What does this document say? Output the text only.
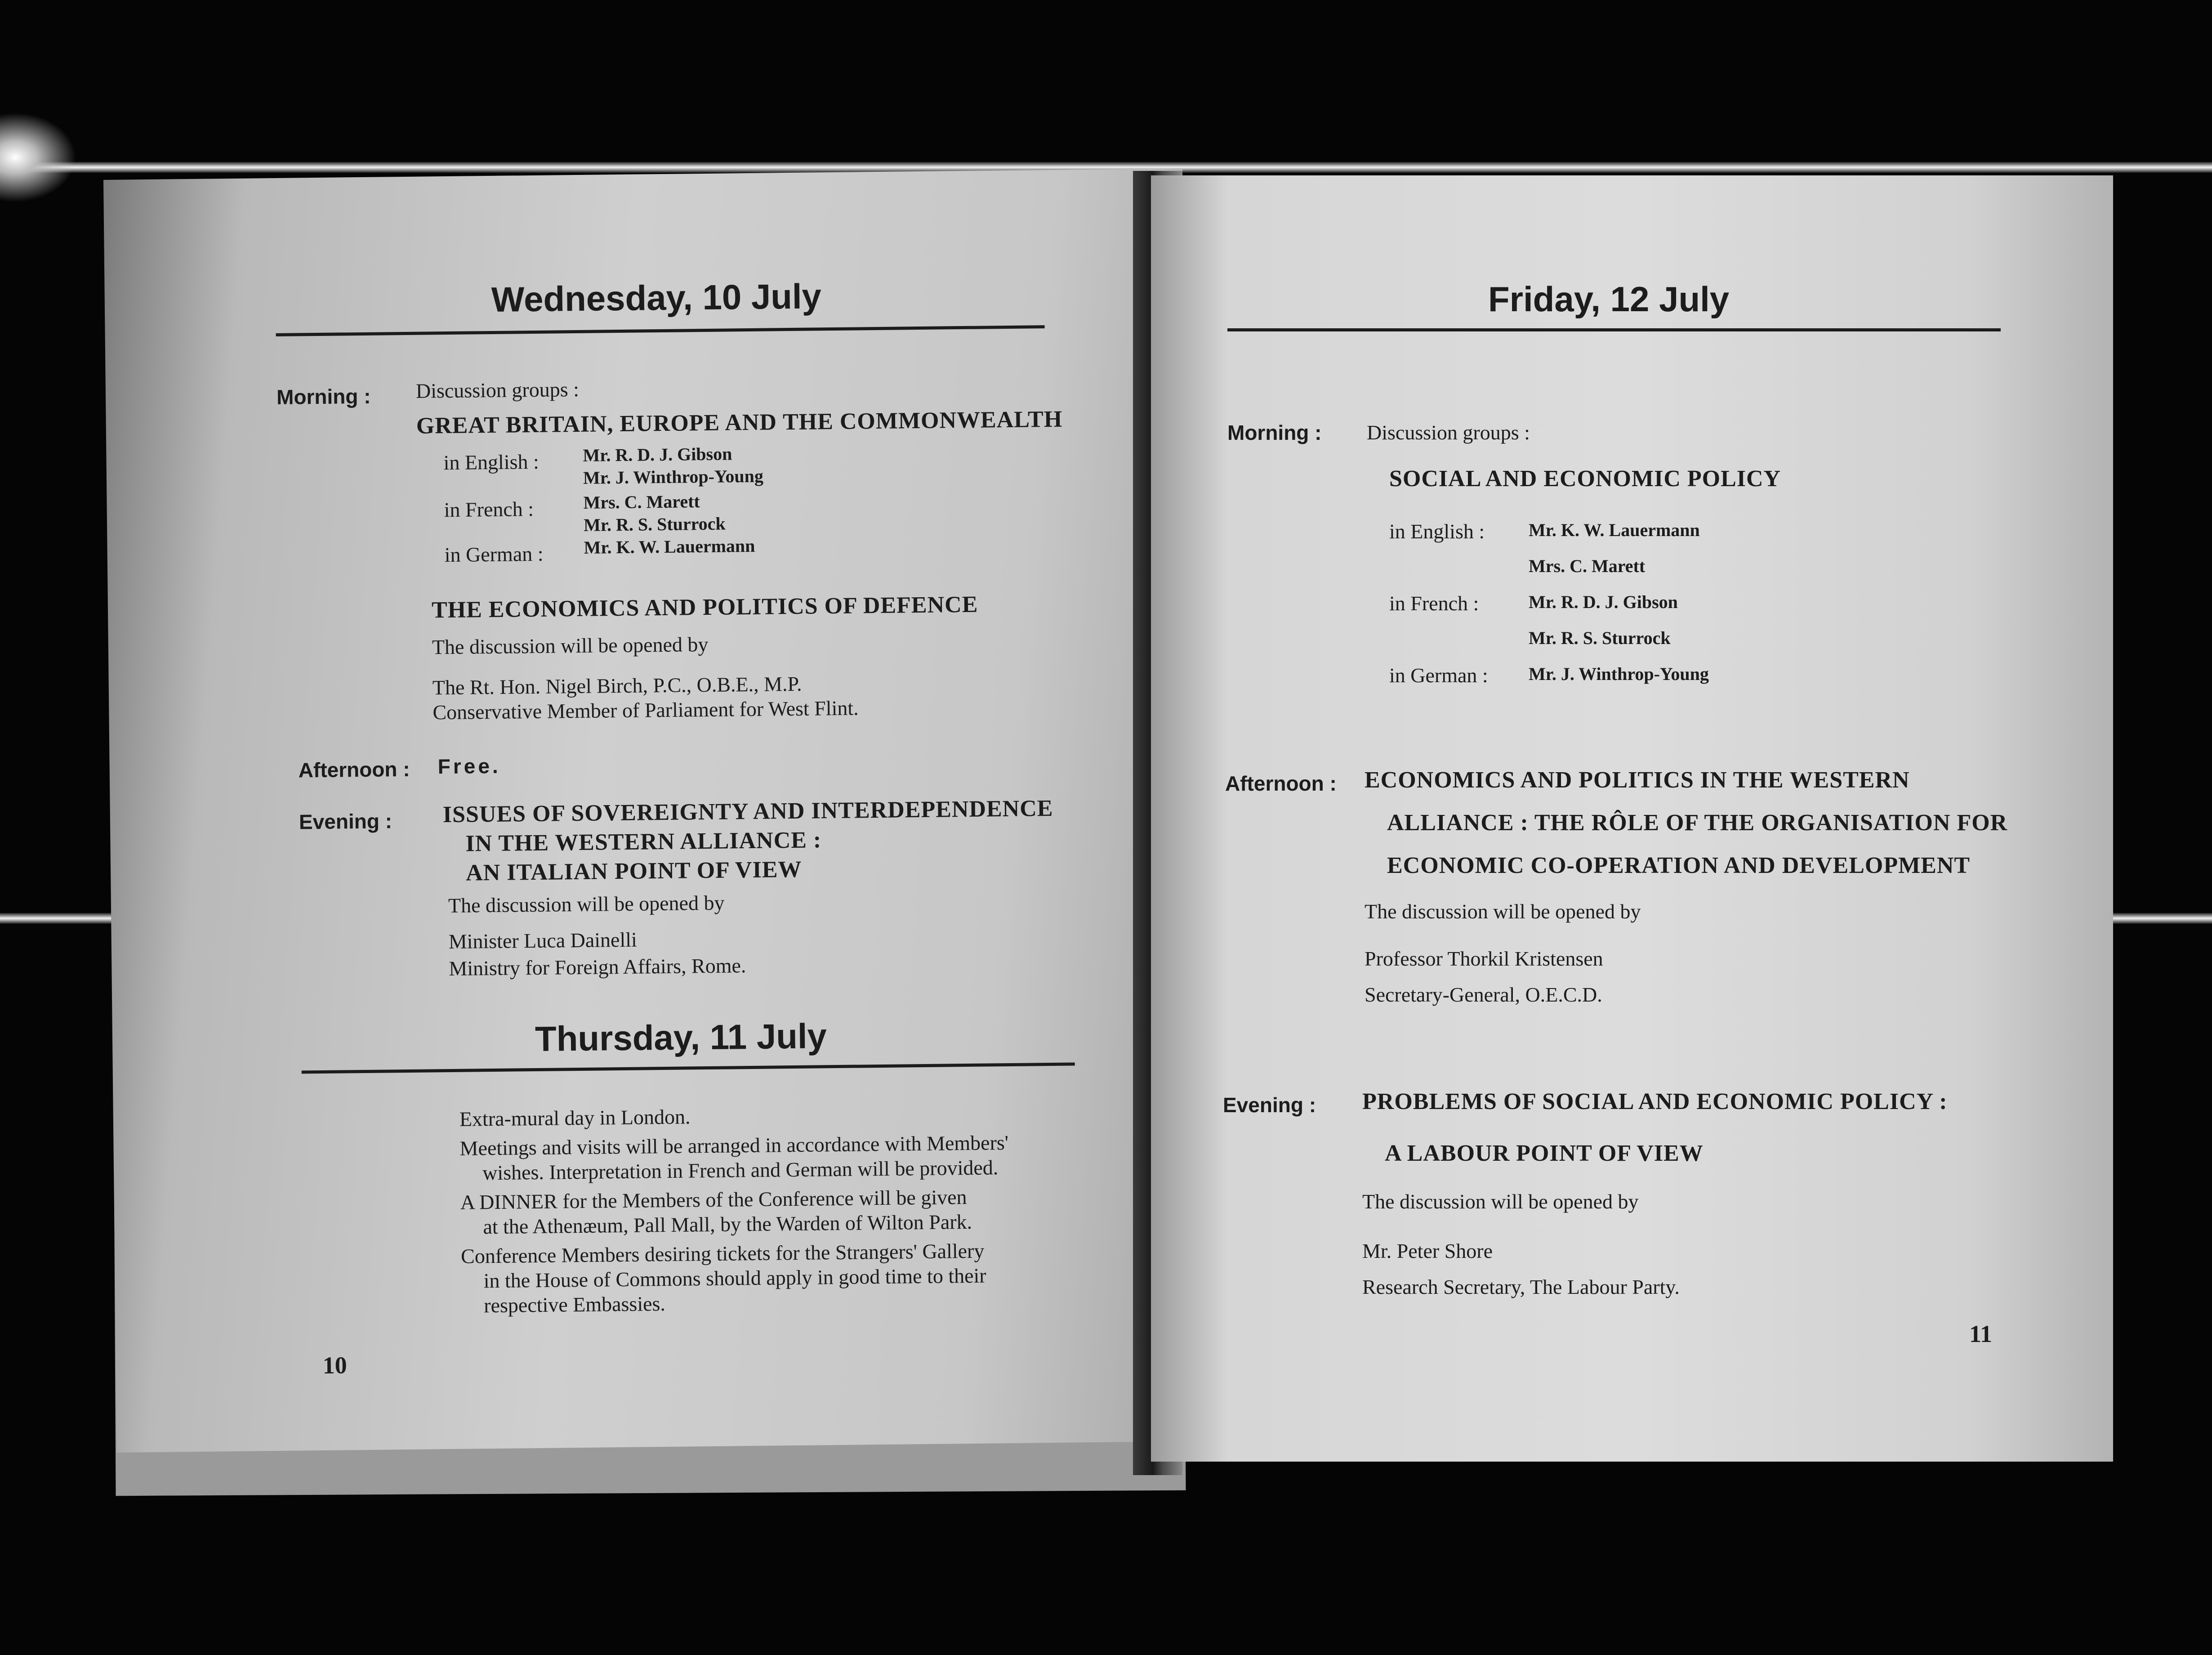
Wednesday, 10 July
Morning : Discussion groups :
GREAT BRITAIN, EUROPE AND THE COMMONWEALTH
in English : Mr. R. D. J. Gibson
Mr. J. Winthrop-Young
in French :	Mrs. C. Marett
Mr. R. S. Sturrock
in German : Mr. K. W. Lauermann
THE ECONOMICS AND POLITICS OF DEFENCE
The discussion will be opened by
The Rt. Hon. Nigel Birch, P.C., O.B.E., M.P.
Conservative Member of Parliament for West Flint.
Afternoon : Free.
Evening : ISSUES OF SOVEREIGNTY AND INTERDEPENDENCE
IN THE WESTERN ALLIANCE :
AN ITALIAN POINT OF VIEW
The discussion will be opened by
Minister Luca Dainelli
Ministry for Foreign Affairs, Rome.
Thursday, 11 July
Extra-mural day in London.
Meetings and visits will be arranged in accordance with Members'
wishes. Interpretation in French and German will be provided.
A DINNER for the Members of the Conference will be given
at the Athenæum, Pall Mall, by the Warden of Wilton Park.
Conference Members desiring tickets for the Strangers' Gallery
in the House of Commons should apply in good time to their
respective Embassies.
10
Friday, 12 July
Morning : Discussion groups :
SOCIAL AND ECONOMIC POLICY
in English : Mr. K. W. Lauermann
Mrs. C. Marett
in French :	Mr. R. D. J. Gibson
Mr. R. S. Sturrock
in German : Mr. J. Winthrop-Young
Afternoon : ECONOMICS AND POLITICS IN THE WESTERN
ALLIANCE : THE RÔLE OF THE ORGANISATION FOR
ECONOMIC CO-OPERATION AND DEVELOPMENT
The discussion will be opened by
Professor Thorkil Kristensen
Secretary-General, O.E.C.D.
Evening : PROBLEMS OF SOCIAL AND ECONOMIC POLICY :
A LABOUR POINT OF VIEW
The discussion will be opened by
Mr. Peter Shore
Research Secretary, The Labour Party.
11
